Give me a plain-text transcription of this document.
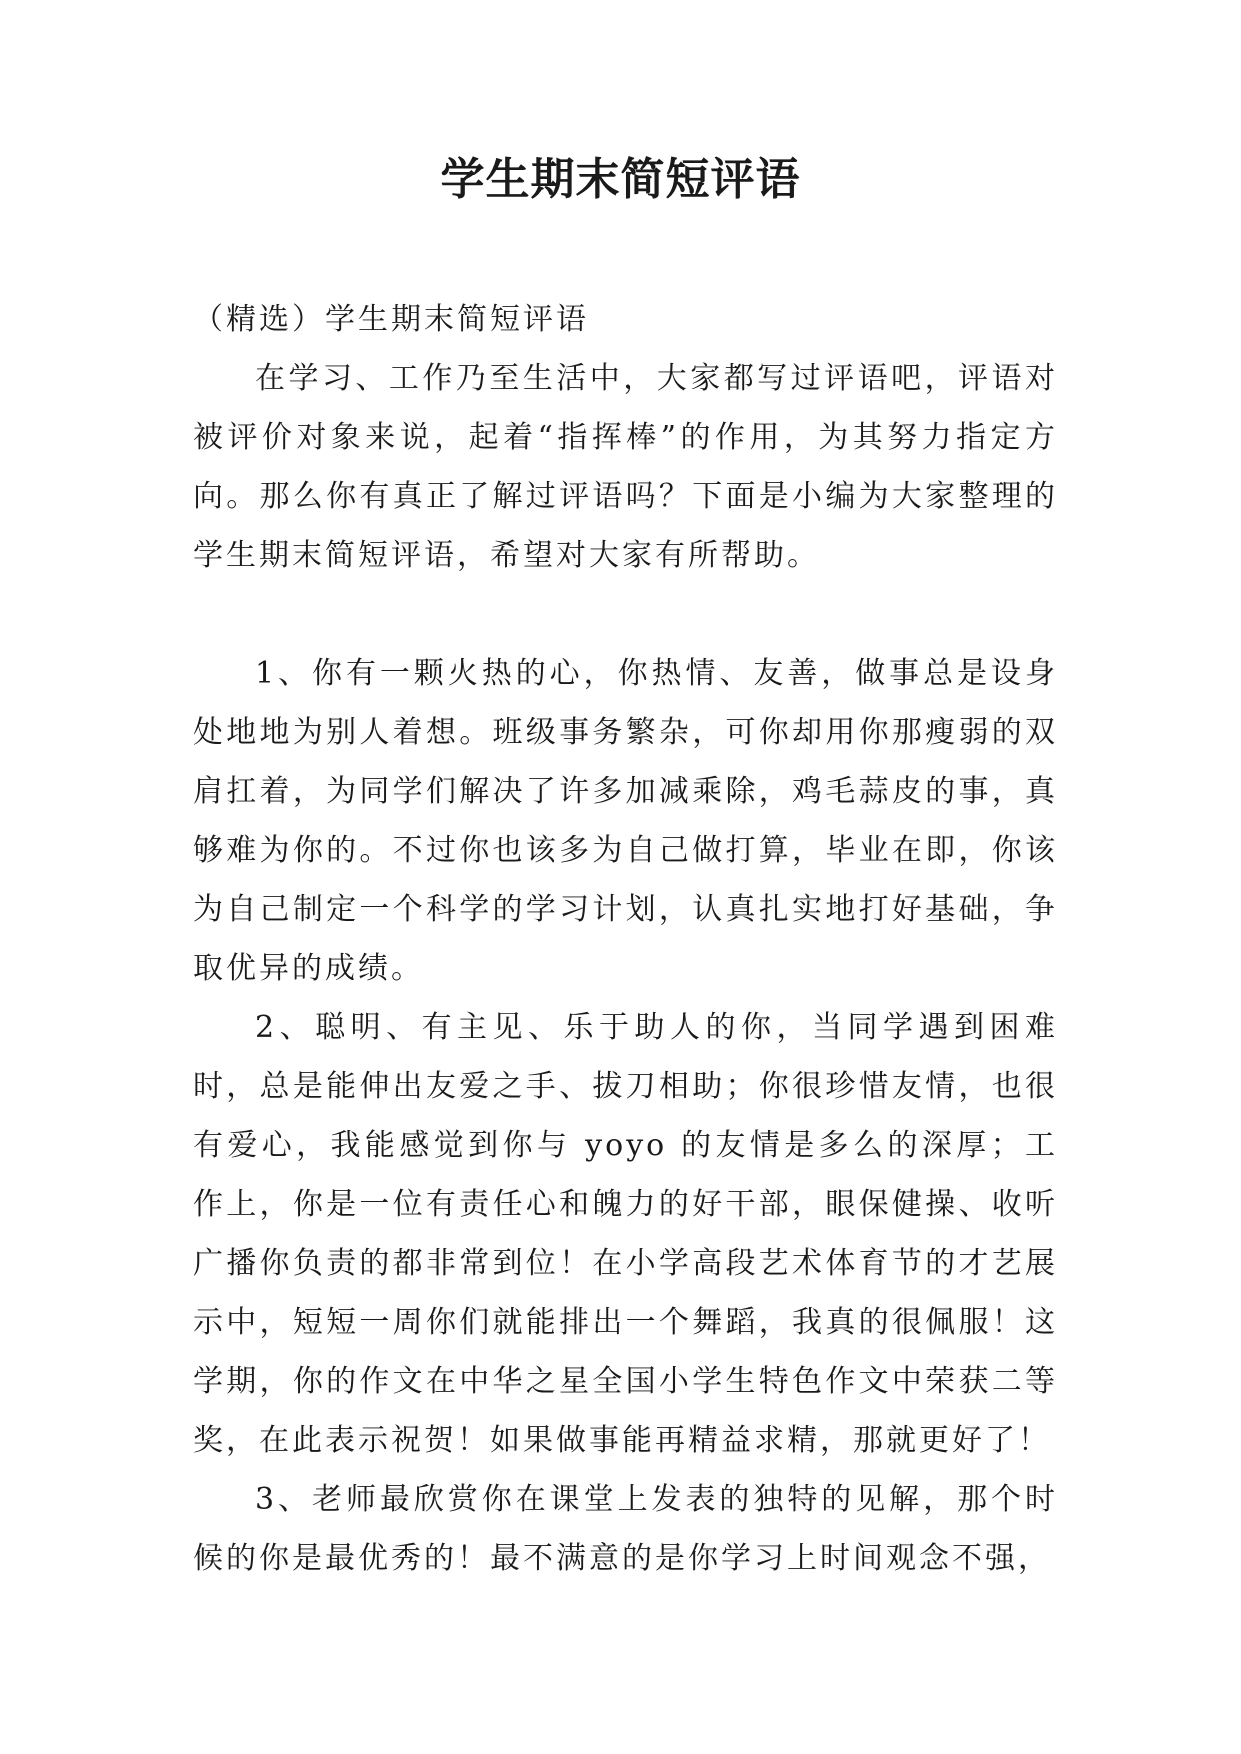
学生期末简短评语

（精选）学生期末简短评语

在学习、工作乃至生活中，大家都写过评语吧，评语对被评价对象来说，起着“指挥棒”的作用，为其努力指定方向。那么你有真正了解过评语吗？下面是小编为大家整理的学生期末简短评语，希望对大家有所帮助。

1、你有一颗火热的心，你热情、友善，做事总是设身处地地为别人着想。班级事务繁杂，可你却用你那瘦弱的双肩扛着，为同学们解决了许多加减乘除，鸡毛蒜皮的事，真够难为你的。不过你也该多为自己做打算，毕业在即，你该为自己制定一个科学的学习计划，认真扎实地打好基础，争取优异的成绩。

2、聪明、有主见、乐于助人的你，当同学遇到困难时，总是能伸出友爱之手、拔刀相助；你很珍惜友情，也很有爱心，我能感觉到你与 yoyo 的友情是多么的深厚；工作上，你是一位有责任心和魄力的好干部，眼保健操、收听广播你负责的都非常到位！在小学高段艺术体育节的才艺展示中，短短一周你们就能排出一个舞蹈，我真的很佩服！这学期，你的作文在中华之星全国小学生特色作文中荣获二等奖，在此表示祝贺！如果做事能再精益求精，那就更好了！

3、老师最欣赏你在课堂上发表的独特的见解，那个时候的你是最优秀的！最不满意的是你学习上时间观念不强，
